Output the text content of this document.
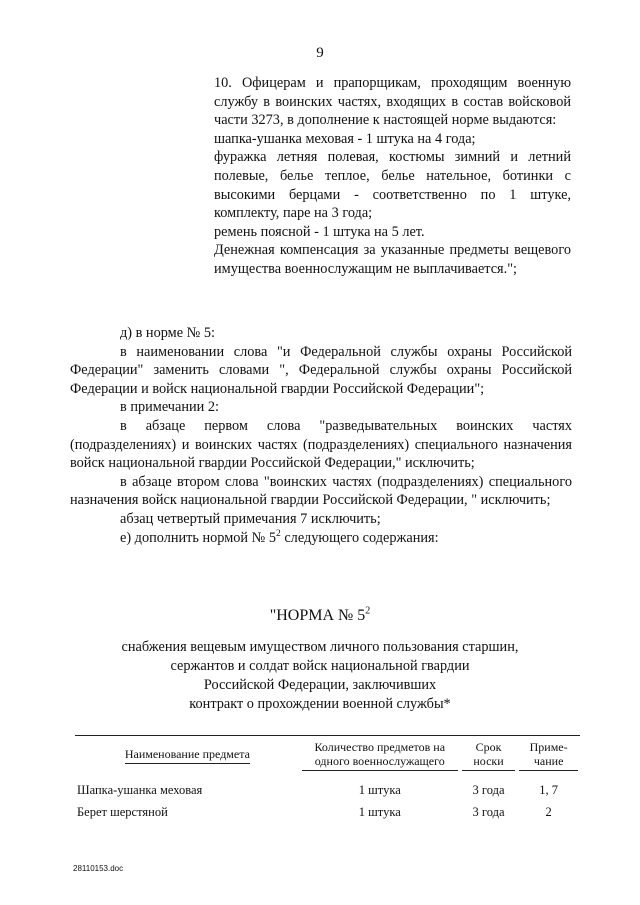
9

10. Офицерам и прапорщикам, проходящим военную службу в воинских частях, входящих в состав войсковой части 3273, в дополнение к настоящей норме выдаются:

шапка-ушанка меховая - 1 штука на 4 года;

фуражка летняя полевая, костюмы зимний и летний полевые, белье теплое, белье нательное, ботинки с высокими берцами - соответственно по 1 штуке, комплекту, паре на 3 года;

ремень поясной - 1 штука на 5 лет.

Денежная компенсация за указанные предметы вещевого имущества военнослужащим не выплачивается.";

д) в норме № 5:

в наименовании слова "и Федеральной службы охраны Российской Федерации" заменить словами ", Федеральной службы охраны Российской Федерации и войск национальной гвардии Российской Федерации";

в примечании 2:

в абзаце первом слова "разведывательных воинских частях (подразделениях) и воинских частях (подразделениях) специального назначения войск национальной гвардии Российской Федерации," исключить;

в абзаце втором слова "воинских частях (подразделениях) специального назначения войск национальной гвардии Российской Федерации, " исключить;

абзац четвертый примечания 7 исключить;

е) дополнить нормой № $5^2$ следующего содержания:

"НОРМА № $5^2$
снабжения вещевым имуществом личного пользования старшин,
сержантов и солдат войск национальной гвардии
Российской Федерации, заключивших
контракт о прохождении военной службы*
Наименование предмета	Количество предметов на одного военнослужащего	Срок носки	Приме-чание
Шапка-ушанка меховая	1 штука	3 года	1, 7
Берет шерстяной	1 штука	3 года	2
28110153.doc
